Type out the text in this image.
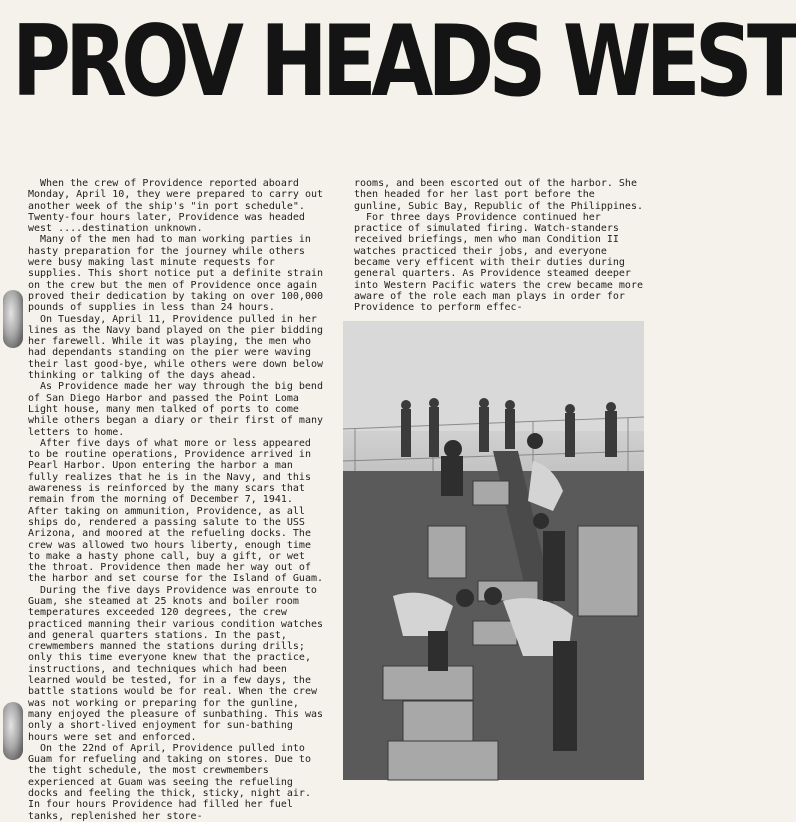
PROV HEADS WEST

When the crew of Providence reported aboard Monday, April 10, they were prepared to carry out another week of the ship's "in port schedule". Twenty-four hours later, Providence was headed west ....destination unknown.

Many of the men had to man working parties in hasty preparation for the journey while others were busy making last minute requests for supplies. This short notice put a definite strain on the crew but the men of Providence once again proved their dedication by taking on over 100,000 pounds of supplies in less than 24 hours.

On Tuesday, April 11, Providence pulled in her lines as the Navy band played on the pier bidding her farewell. While it was playing, the men who had dependants standing on the pier were waving their last good-bye, while others were down below thinking or talking of the days ahead.

As Providence made her way through the big bend of San Diego Harbor and passed the Point Loma Light house, many men talked of ports to come while others began a diary or their first of many letters to home.

After five days of what more or less appeared to be routine operations, Providence arrived in Pearl Harbor. Upon entering the harbor a man fully realizes that he is in the Navy, and this awareness is reinforced by the many scars that remain from the morning of December 7, 1941. After taking on ammunition, Providence, as all ships do, rendered a passing salute to the USS Arizona, and moored at the refueling docks. The crew was allowed two hours liberty, enough time to make a hasty phone call, buy a gift, or wet the throat. Providence then made her way out of the harbor and set course for the Island of Guam.

During the five days Providence was enroute to Guam, she steamed at 25 knots and boiler room temperatures exceeded 120 degrees, the crew practiced manning their various condition watches and general quarters stations. In the past, crewmembers manned the stations during drills; only this time everyone knew that the practice, instructions, and techniques which had been learned would be tested, for in a few days, the battle stations would be for real. When the crew was not working or preparing for the gunline, many enjoyed the pleasure of sunbathing. This was only a short-lived enjoyment for sun-bathing hours were set and enforced.

On the 22nd of April, Providence pulled into Guam for refueling and taking on stores. Due to the tight schedule, the most crewmembers experienced at Guam was seeing the refueling docks and feeling the thick, sticky, night air. In four hours Providence had filled her fuel tanks, replenished her store-

rooms, and been escorted out of the harbor. She then headed for her last port before the gunline, Subic Bay, Republic of the Philippines.

For three days Providence continued her practice of simulated firing. Watch-standers received briefings, men who man Condition II watches practiced their jobs, and everyone became very efficent with their duties during general quarters. As Providence steamed deeper into Western Pacific waters the crew became more aware of the role each man plays in order for Providence to perform effec-
